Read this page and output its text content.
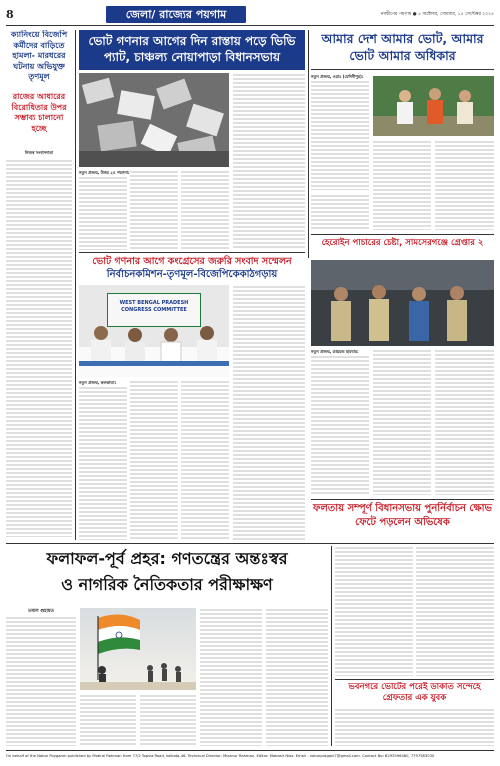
8	জেলা/ রাজ্যের পয়গাম	নবদ্বীপের পয়গাম ● ৫ অক্টোবর, সোমবার, ১৫ সেপ্টেম্বর ২০২৫
ক্যানিংয়ে বিজেপি কর্মীদের বাড়িতে হামলা- মারধরের ঘটনায় অভিযুক্ত তৃণমূল
রাজের আধারের বিরোধিতার উপর সম্ভাব্য চালানো হচ্ছে
নিজস্ব সংবাদদাতা
ভোট গণনার আগের দিন রাস্তায় পড়ে ভিভি প্যাট, চাঞ্চল্য নোয়াপাড়া বিধানসভায়
নতুন প্রজন্ম, উত্তর ২৪ পরগনা:
আমার দেশ আমার ভোট, আমার ভোট আমার অধিকার
নতুন প্রজন্ম, ওয়াঃ (মেদিনীপুর):
হেরোইন পাচারের চেষ্টা, সামসেরগঞ্জে গ্রেপ্তার ২
ভোট গণনার আগে কংগ্রেসের জরুরি সংবাদ সম্মেলন
নির্বাচনকমিশন-তৃণমূল-বিজেপিকেকাঠগড়ায়
WEST BENGAL PRADESH CONGRESS COMMITTEE
নতুন প্রজন্ম, কলকাতা:
নতুন প্রজন্ম, ডায়মন্ড হারবার:
ফলতায় সম্পূর্ণ বিধানসভায় পুনর্নির্বাচন ক্ষোভ ফেটে পড়লেন অভিষেক
ফলাফল-পূর্ব প্রহর: গণতন্ত্রের অন্তঃস্বর
ও নাগরিক নৈতিকতার পরীক্ষাক্ষণ
তমাল গুহায়ত
ভবনগরে ভোটের পরেই ডাকাত সন্দেহে গ্রেফতার এক যুবক
On behalf of the Notun Poyganm published by Motiral Rahman from 77/2 Topsia Road, kolkata-46. Technical Director: Mizanur Rahman. Editor: Mabasir Niaz. Email - notunpraganl7@gmail.com. Contact No: 8293596460, 7797583030
